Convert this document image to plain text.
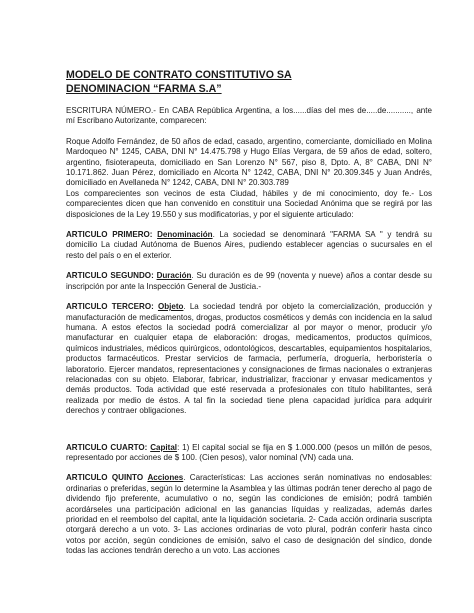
MODELO DE CONTRATO CONSTITUTIVO SA
DENOMINACION “FARMA S.A”

ESCRITURA NÚMERO.- En CABA República Argentina, a los......días del mes de.....de..........., ante mí Escribano Autorizante, comparecen:

Roque Adolfo Fernández, de 50 años de edad, casado, argentino, comerciante, domiciliado en Molina Mardoqueo N° 1245, CABA, DNI N° 14.475.798 y Hugo Elías Vergara, de 59 años de edad, soltero, argentino, fisioterapeuta, domiciliado en San Lorenzo N° 567, piso 8, Dpto. A, 8° CABA, DNI N° 10.171.862. Juan Pérez, domiciliado en Alcorta N° 1242, CABA, DNI N° 20.309.345 y Juan Andrés, domiciliado en Avellaneda N° 1242, CABA, DNI N° 20.303.789

Los comparecientes son vecinos de esta Ciudad, hábiles y de mi conocimiento, doy fe.- Los comparecientes dicen que han convenido en constituir una Sociedad Anónima que se regirá por las disposiciones de la Ley 19.550 y sus modificatorias, y por el siguiente articulado:

ARTICULO PRIMERO: Denominación. La sociedad se denominará "FARMA SA " y tendrá su domicilio La ciudad Autónoma de Buenos Aires, pudiendo establecer agencias o sucursales en el resto del país o en el exterior.

ARTICULO SEGUNDO: Duración. Su duración es de 99 (noventa y nueve) años a contar desde su inscripción por ante la Inspección General de Justicia.-

ARTICULO TERCERO: Objeto. La sociedad tendrá por objeto la comercialización, producción y manufacturación de medicamentos, drogas, productos cosméticos y demás con incidencia en la salud humana. A estos efectos la sociedad podrá comercializar al por mayor o menor, producir y/o manufacturar en cualquier etapa de elaboración: drogas, medicamentos, productos químicos, químicos industriales, médicos quirúrgicos, odontológicos, descartables, equipamientos hospitalarios, productos farmacéuticos. Prestar servicios de farmacia, perfumería, droguería, herboristería o laboratorio. Ejercer mandatos, representaciones y consignaciones de firmas nacionales o extranjeras relacionadas con su objeto. Elaborar, fabricar, industrializar, fraccionar y envasar medicamentos y demás productos. Toda actividad que esté reservada a profesionales con título habilitantes, será realizada por medio de éstos. A tal fin la sociedad tiene plena capacidad jurídica para adquirir derechos y contraer obligaciones.

ARTICULO CUARTO: Capital: 1) El capital social se fija en $ 1.000.000 (pesos un millón de pesos, representado por acciones de $ 100. (Cien pesos), valor nominal (VN) cada una.

ARTICULO QUINTO Acciones. Características: Las acciones serán nominativas no endosables: ordinarias o preferidas, según lo determine la Asamblea y las últimas podrán tener derecho al pago de dividendo fijo preferente, acumulativo o no, según las condiciones de emisión; podrá también acordárseles una participación adicional en las ganancias líquidas y realizadas, además darles prioridad en el reembolso del capital, ante la liquidación societaria. 2- Cada acción ordinaria suscripta otorgará derecho a un voto. 3- Las acciones ordinarias de voto plural, podrán conferir hasta cinco votos por acción, según condiciones de emisión, salvo el caso de designación del síndico, donde todas las acciones tendrán derecho a un voto. Las acciones
